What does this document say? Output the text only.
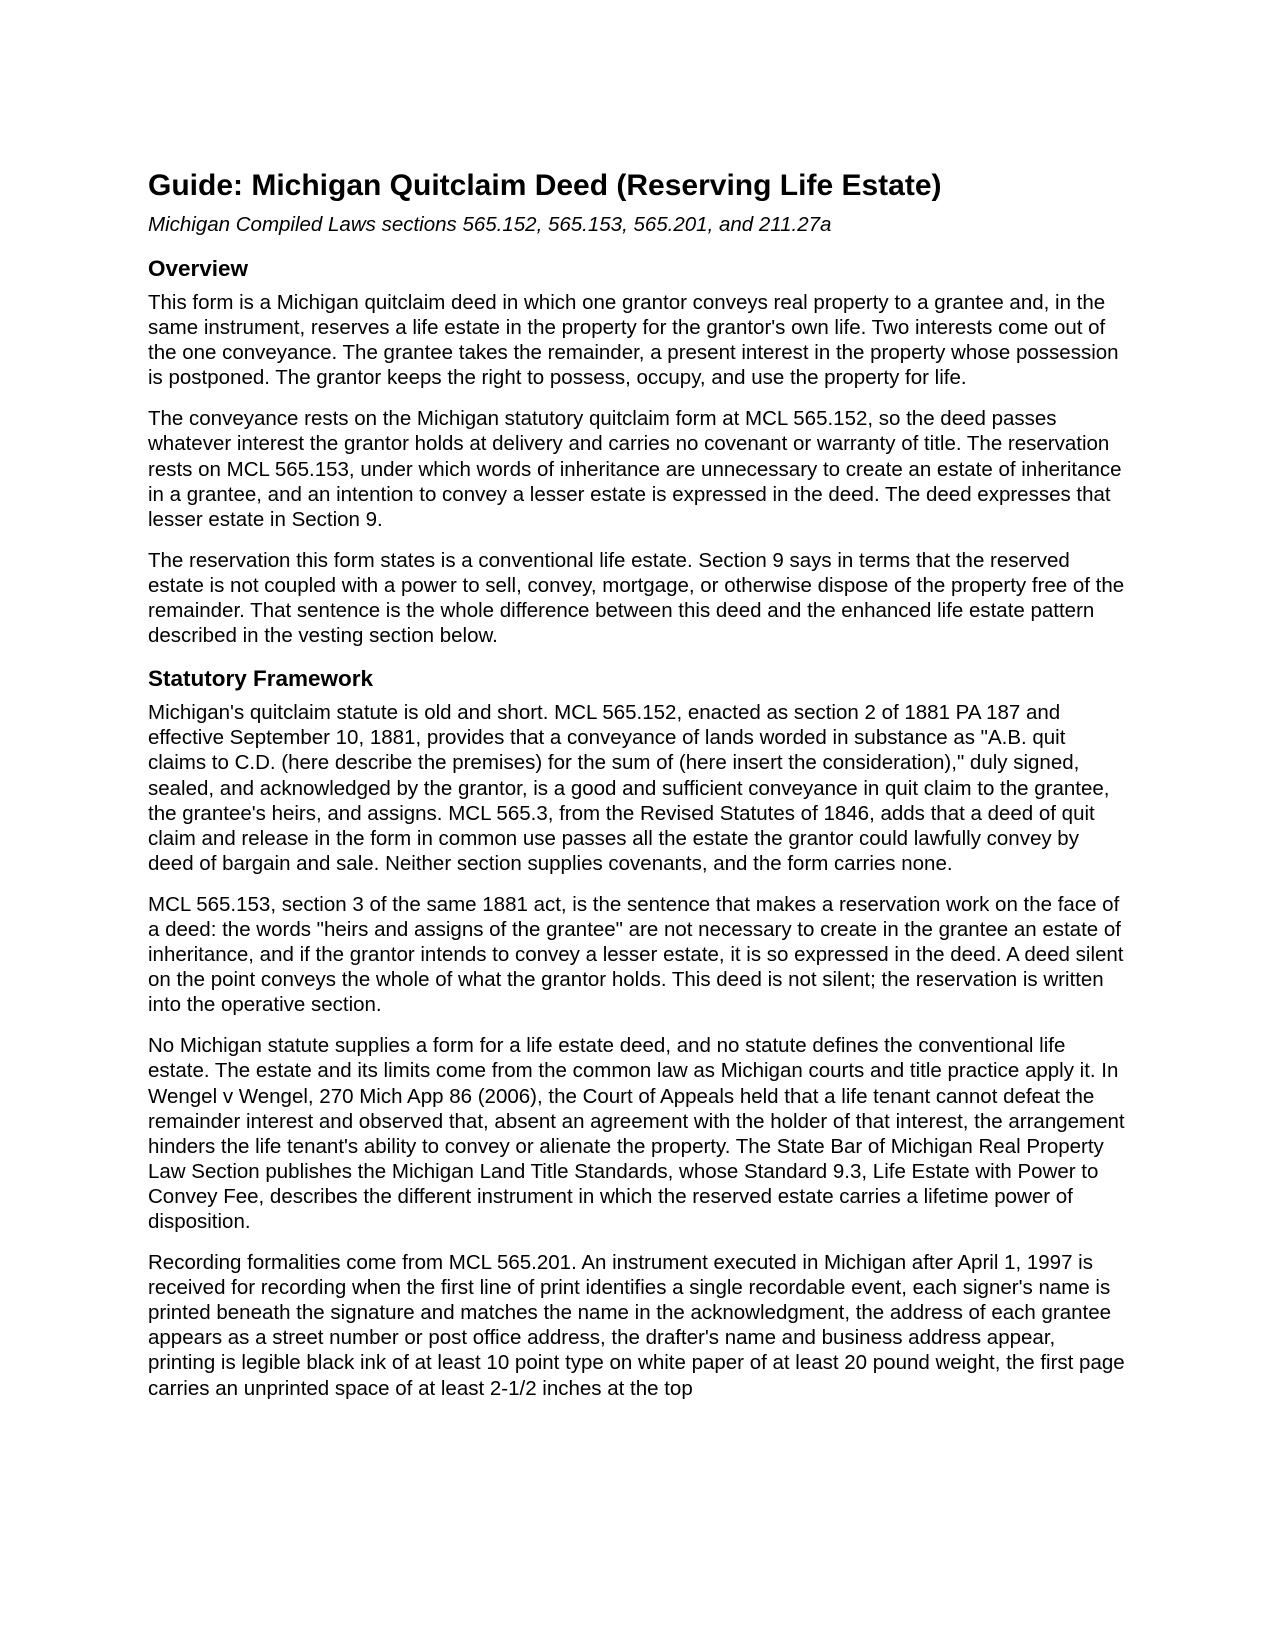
Guide: Michigan Quitclaim Deed (Reserving Life Estate)
Michigan Compiled Laws sections 565.152, 565.153, 565.201, and 211.27a
Overview

This form is a Michigan quitclaim deed in which one grantor conveys real property to a grantee and, in the same instrument, reserves a life estate in the property for the grantor's own life. Two interests come out of the one conveyance. The grantee takes the remainder, a present interest in the property whose possession is postponed. The grantor keeps the right to possess, occupy, and use the property for life.

The conveyance rests on the Michigan statutory quitclaim form at MCL 565.152, so the deed passes whatever interest the grantor holds at delivery and carries no covenant or warranty of title. The reservation rests on MCL 565.153, under which words of inheritance are unnecessary to create an estate of inheritance in a grantee, and an intention to convey a lesser estate is expressed in the deed. The deed expresses that lesser estate in Section 9.

The reservation this form states is a conventional life estate. Section 9 says in terms that the reserved estate is not coupled with a power to sell, convey, mortgage, or otherwise dispose of the property free of the remainder. That sentence is the whole difference between this deed and the enhanced life estate pattern described in the vesting section below.

Statutory Framework

Michigan's quitclaim statute is old and short. MCL 565.152, enacted as section 2 of 1881 PA 187 and effective September 10, 1881, provides that a conveyance of lands worded in substance as "A.B. quit claims to C.D. (here describe the premises) for the sum of (here insert the consideration)," duly signed, sealed, and acknowledged by the grantor, is a good and sufficient conveyance in quit claim to the grantee, the grantee's heirs, and assigns. MCL 565.3, from the Revised Statutes of 1846, adds that a deed of quit claim and release in the form in common use passes all the estate the grantor could lawfully convey by deed of bargain and sale. Neither section supplies covenants, and the form carries none.

MCL 565.153, section 3 of the same 1881 act, is the sentence that makes a reservation work on the face of a deed: the words "heirs and assigns of the grantee" are not necessary to create in the grantee an estate of inheritance, and if the grantor intends to convey a lesser estate, it is so expressed in the deed. A deed silent on the point conveys the whole of what the grantor holds. This deed is not silent; the reservation is written into the operative section.

No Michigan statute supplies a form for a life estate deed, and no statute defines the conventional life estate. The estate and its limits come from the common law as Michigan courts and title practice apply it. In Wengel v Wengel, 270 Mich App 86 (2006), the Court of Appeals held that a life tenant cannot defeat the remainder interest and observed that, absent an agreement with the holder of that interest, the arrangement hinders the life tenant's ability to convey or alienate the property. The State Bar of Michigan Real Property Law Section publishes the Michigan Land Title Standards, whose Standard 9.3, Life Estate with Power to Convey Fee, describes the different instrument in which the reserved estate carries a lifetime power of disposition.

Recording formalities come from MCL 565.201. An instrument executed in Michigan after April 1, 1997 is received for recording when the first line of print identifies a single recordable event, each signer's name is printed beneath the signature and matches the name in the acknowledgment, the address of each grantee appears as a street number or post office address, the drafter's name and business address appear, printing is legible black ink of at least 10 point type on white paper of at least 20 pound weight, the first page carries an unprinted space of at least 2-1/2 inches at the top
